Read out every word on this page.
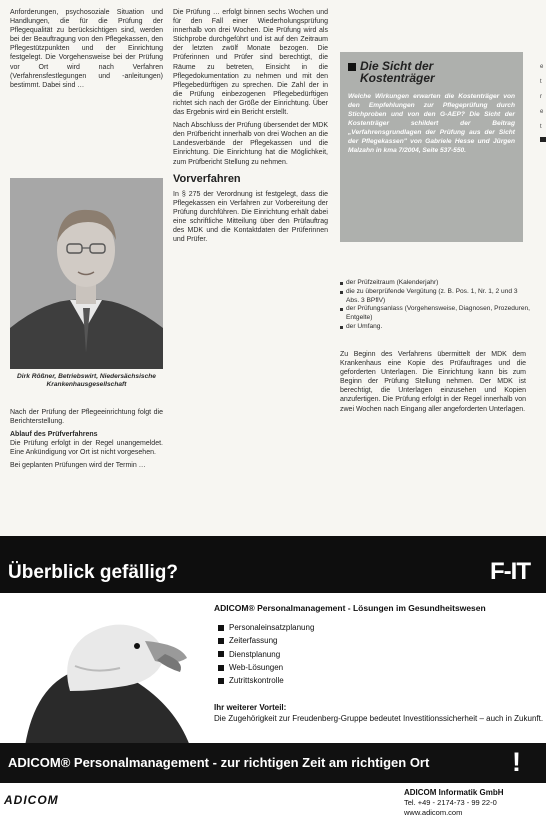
Anforderungen, psychosoziale Situation und Handlungen, die für die Prüfung der Pflegequalität zu berücksichtigen sind, werden bei der Beauftragung von den Pflegekassen, den Pflegestützpunkten und der Einrichtung festgelegt. Die Vorgehensweise bei der Prüfung vor Ort wird nach Verfahren (Verfahrensfestlegungen und -anleitungen) bestimmt. Dabei sind …

Dirk Rößner, Betriebswirt, Niedersächsische Krankenhausgesellschaft

Nach der Prüfung der Pflegeeinrichtung folgt die Berichterstellung.

Ablauf des Prüfverfahrens

Die Prüfung erfolgt in der Regel unangemeldet. Eine Ankündigung vor Ort ist nicht vorgesehen.

Bei geplanten Prüfungen wird der Termin …

Die Prüfung … erfolgt binnen sechs Wochen und für den Fall einer Wiederholungsprüfung innerhalb von drei Wochen. Die Prüfung wird als Stichprobe durchgeführt und ist auf den Zeitraum der letzten zwölf Monate bezogen. Die Prüferinnen und Prüfer sind berechtigt, die Räume zu betreten, Einsicht in die Pflegedokumentation zu nehmen und mit den Pflegebedürftigen zu sprechen. Die Zahl der in die Prüfung einbezogenen Pflegebedürftigen richtet sich nach der Größe der Einrichtung. Über das Ergebnis wird ein Bericht erstellt.

Nach Abschluss der Prüfung übersendet der MDK den Prüfbericht innerhalb von drei Wochen an die Landesverbände der Pflegekassen und die Einrichtung. Die Einrichtung hat die Möglichkeit, zum Prüfbericht Stellung zu nehmen.

Vorverfahren

In § 275 der Verordnung ist festgelegt, dass die Pflegekassen ein Verfahren zur Vorbereitung der Prüfung durchführen. Die Einrichtung erhält dabei eine schriftliche Mitteilung über den Prüfauftrag des MDK und die Kontaktdaten der Prüferinnen und Prüfer.

Die Sicht der
Kostenträger
Welche Wirkungen erwarten die Kostenträger von den Empfehlungen zur Pflegeprüfung durch Stichproben und von den G-AEP? Die Sicht der Kostenträger schildert der Beitrag „Verfahrensgrundlagen der Prüfung aus der Sicht der Pflegekassen" von Gabriele Hesse und Jürgen Malzahn in kma 7/2004, Seite 537-550.
e
t
r
e
t
der Prüfzeitraum (Kalenderjahr)
die zu überprüfende Vergütung (z. B. Pos. 1, Nr. 1, 2 und 3 Abs. 3 BPflV)
der Prüfungsanlass (Vorgehensweise, Diagnosen, Prozeduren, Entgelte)
der Umfang.

Zu Beginn des Verfahrens übermittelt der MDK dem Krankenhaus eine Kopie des Prüfauftrages und die geforderten Unterlagen. Die Einrichtung kann bis zum Beginn der Prüfung Stellung nehmen. Der MDK ist berechtigt, die Unterlagen einzusehen und Kopien anzufertigen. Die Prüfung erfolgt in der Regel innerhalb von zwei Wochen nach Eingang aller angeforderten Unterlagen.

Überblick gefällig?	F-IT
ADICOM® Personalmanagement - Lösungen im Gesundheitswesen
Personaleinsatzplanung
Zeiterfassung
Dienstplanung
Web-Lösungen
Zutrittskontrolle
Ihr weiterer Vorteil:
Die Zugehörigkeit zur Freudenberg-Gruppe bedeutet Investitionssicherheit – auch in Zukunft.
ADICOM® Personalmanagement - zur richtigen Zeit am richtigen Ort	!
ADICOM
ADICOM Informatik GmbH
Tel. +49 - 2174-73 - 99 22-0
www.adicom.com
